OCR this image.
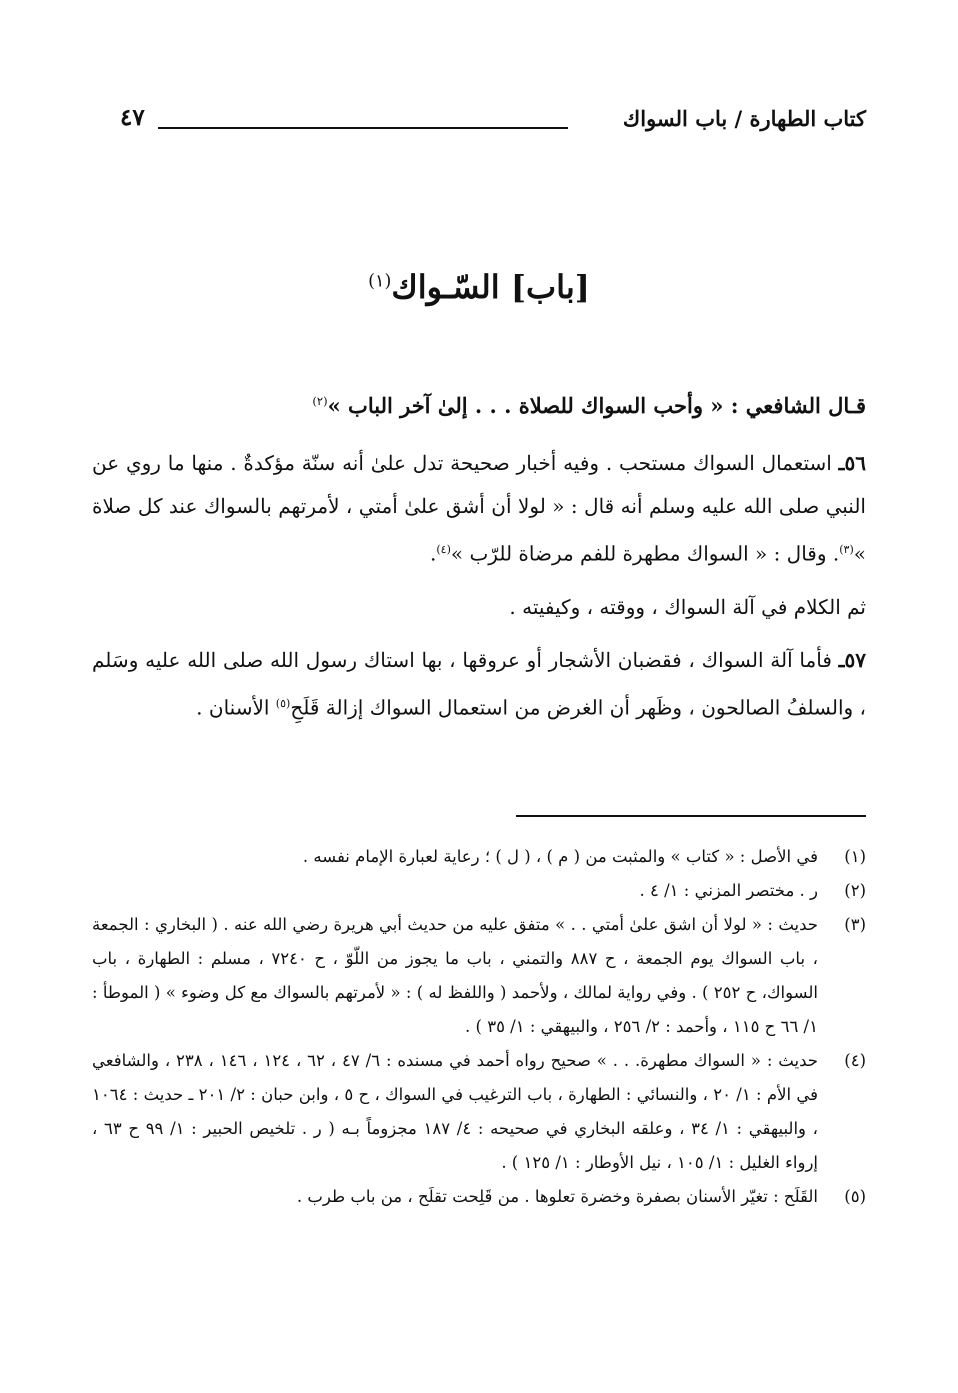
كتاب الطهارة / باب السواك
٤٧
[باب] السّـواك$^{(١)}$

قـال الشافعي : « وأحب السواك للصلاة . . . إلىٰ آخر الباب »$^{(٢)}$

٥٦ـ استعمال السواك مستحب . وفيه أخبار صحيحة تدل علىٰ أنه سنّة مؤكدةٌ . منها ما روي عن النبي صلى الله عليه وسلم أنه قال : « لولا أن أشق علىٰ أمتي ، لأمرتهم بالسواك عند كل صلاة »$^{(٣)}$. وقال : « السواك مطهرة للفم مرضاة للرّب »$^{(٤)}$.

ثم الكلام في آلة السواك ، ووقته ، وكيفيته .

٥٧ـ فأما آلة السواك ، فقضبان الأشجار أو عروقها ، بها استاك رسول الله صلى الله عليه وسَلم ، والسلفُ الصالحون ، وظَهر أن الغرض من استعمال السواك إزالة قَلَحِ$^{(٥)}$ الأسنان .

(١)
في الأصل : « كتاب » والمثبت من ( م ) ، ( ل ) ؛ رعاية لعبارة الإمام نفسه .
(٢)
ر . مختصر المزني : ١/ ٤ .
(٣)
حديث : « لولا أن اشق علىٰ أمتي . . » متفق عليه من حديث أبي هريرة رضي الله عنه . ( البخاري : الجمعة ، باب السواك يوم الجمعة ، ح ٨٨٧ والتمني ، باب ما يجوز من اللّوّ ، ح ٧٢٤٠ ، مسلم : الطهارة ، باب السواك، ح ٢٥٢ ) . وفي رواية لمالك ، ولأحمد ( واللفظ له ) : « لأمرتهم بالسواك مع كل وضوء » ( الموطأ : ١/ ٦٦ ح ١١٥ ، وأحمد : ٢/ ٢٥٦ ، والبيهقي : ١/ ٣٥ ) .
(٤)
حديث : « السواك مطهرة. . . » صحيح رواه أحمد في مسنده : ٦/ ٤٧ ، ٦٢ ، ١٢٤ ، ١٤٦ ، ٢٣٨ ، والشافعي في الأم : ١/ ٢٠ ، والنسائي : الطهارة ، باب الترغيب في السواك ، ح ٥ ، وابن حبان : ٢/ ٢٠١ ـ حديث : ١٠٦٤ ، والبيهقي : ١/ ٣٤ ، وعلقه البخاري في صحيحه : ٤/ ١٨٧ مجزوماً بـه ( ر . تلخيص الحبير : ١/ ٩٩ ح ٦٣ ، إرواء الغليل : ١/ ١٠٥ ، نيل الأوطار : ١/ ١٢٥ ) .
(٥)
القَلَح : تغيّر الأسنان بصفرة وخضرة تعلوها . من قَلِحت تقلَح ، من باب طرب .
